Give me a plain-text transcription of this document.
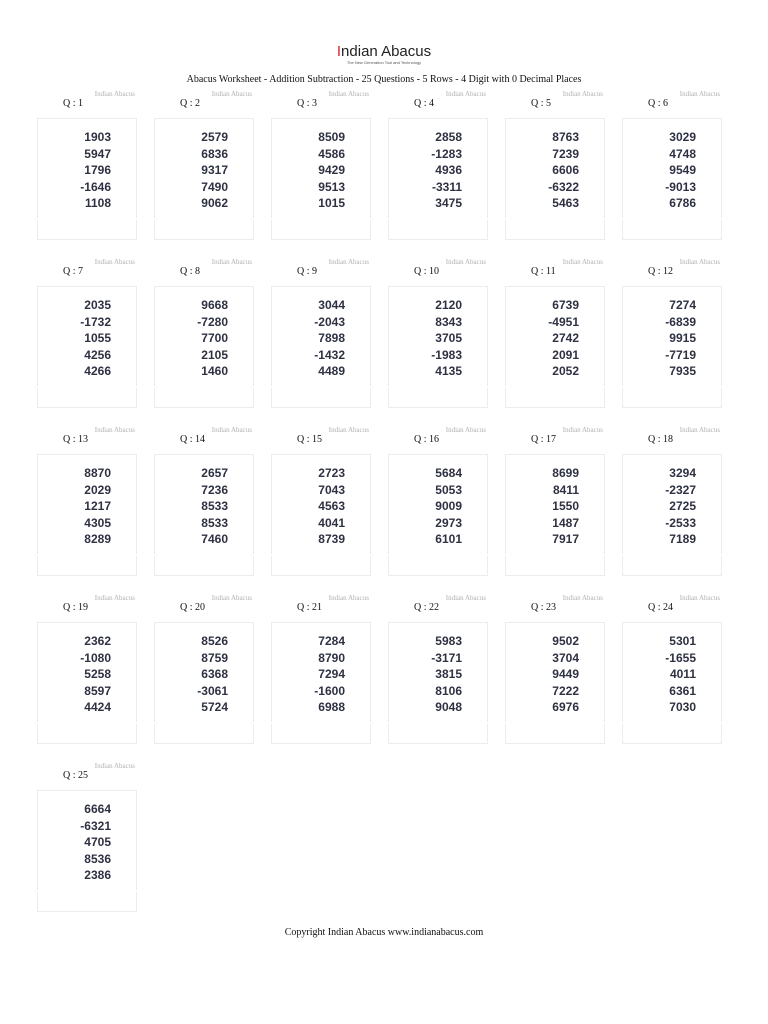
Indian Abacus
The New Generation Tool and Technology
Abacus Worksheet - Addition Subtraction - 25 Questions - 5 Rows - 4 Digit with 0 Decimal Places
Indian Abacus
Q : 1
1903
5947
1796
-1646
1108
Indian Abacus
Q : 2
2579
6836
9317
7490
9062
Indian Abacus
Q : 3
8509
4586
9429
9513
1015
Indian Abacus
Q : 4
2858
-1283
4936
-3311
3475
Indian Abacus
Q : 5
8763
7239
6606
-6322
5463
Indian Abacus
Q : 6
3029
4748
9549
-9013
6786
Indian Abacus
Q : 7
2035
-1732
1055
4256
4266
Indian Abacus
Q : 8
9668
-7280
7700
2105
1460
Indian Abacus
Q : 9
3044
-2043
7898
-1432
4489
Indian Abacus
Q : 10
2120
8343
3705
-1983
4135
Indian Abacus
Q : 11
6739
-4951
2742
2091
2052
Indian Abacus
Q : 12
7274
-6839
9915
-7719
7935
Indian Abacus
Q : 13
8870
2029
1217
4305
8289
Indian Abacus
Q : 14
2657
7236
8533
8533
7460
Indian Abacus
Q : 15
2723
7043
4563
4041
8739
Indian Abacus
Q : 16
5684
5053
9009
2973
6101
Indian Abacus
Q : 17
8699
8411
1550
1487
7917
Indian Abacus
Q : 18
3294
-2327
2725
-2533
7189
Indian Abacus
Q : 19
2362
-1080
5258
8597
4424
Indian Abacus
Q : 20
8526
8759
6368
-3061
5724
Indian Abacus
Q : 21
7284
8790
7294
-1600
6988
Indian Abacus
Q : 22
5983
-3171
3815
8106
9048
Indian Abacus
Q : 23
9502
3704
9449
7222
6976
Indian Abacus
Q : 24
5301
-1655
4011
6361
7030
Indian Abacus
Q : 25
6664
-6321
4705
8536
2386
Copyright Indian Abacus www.indianabacus.com
